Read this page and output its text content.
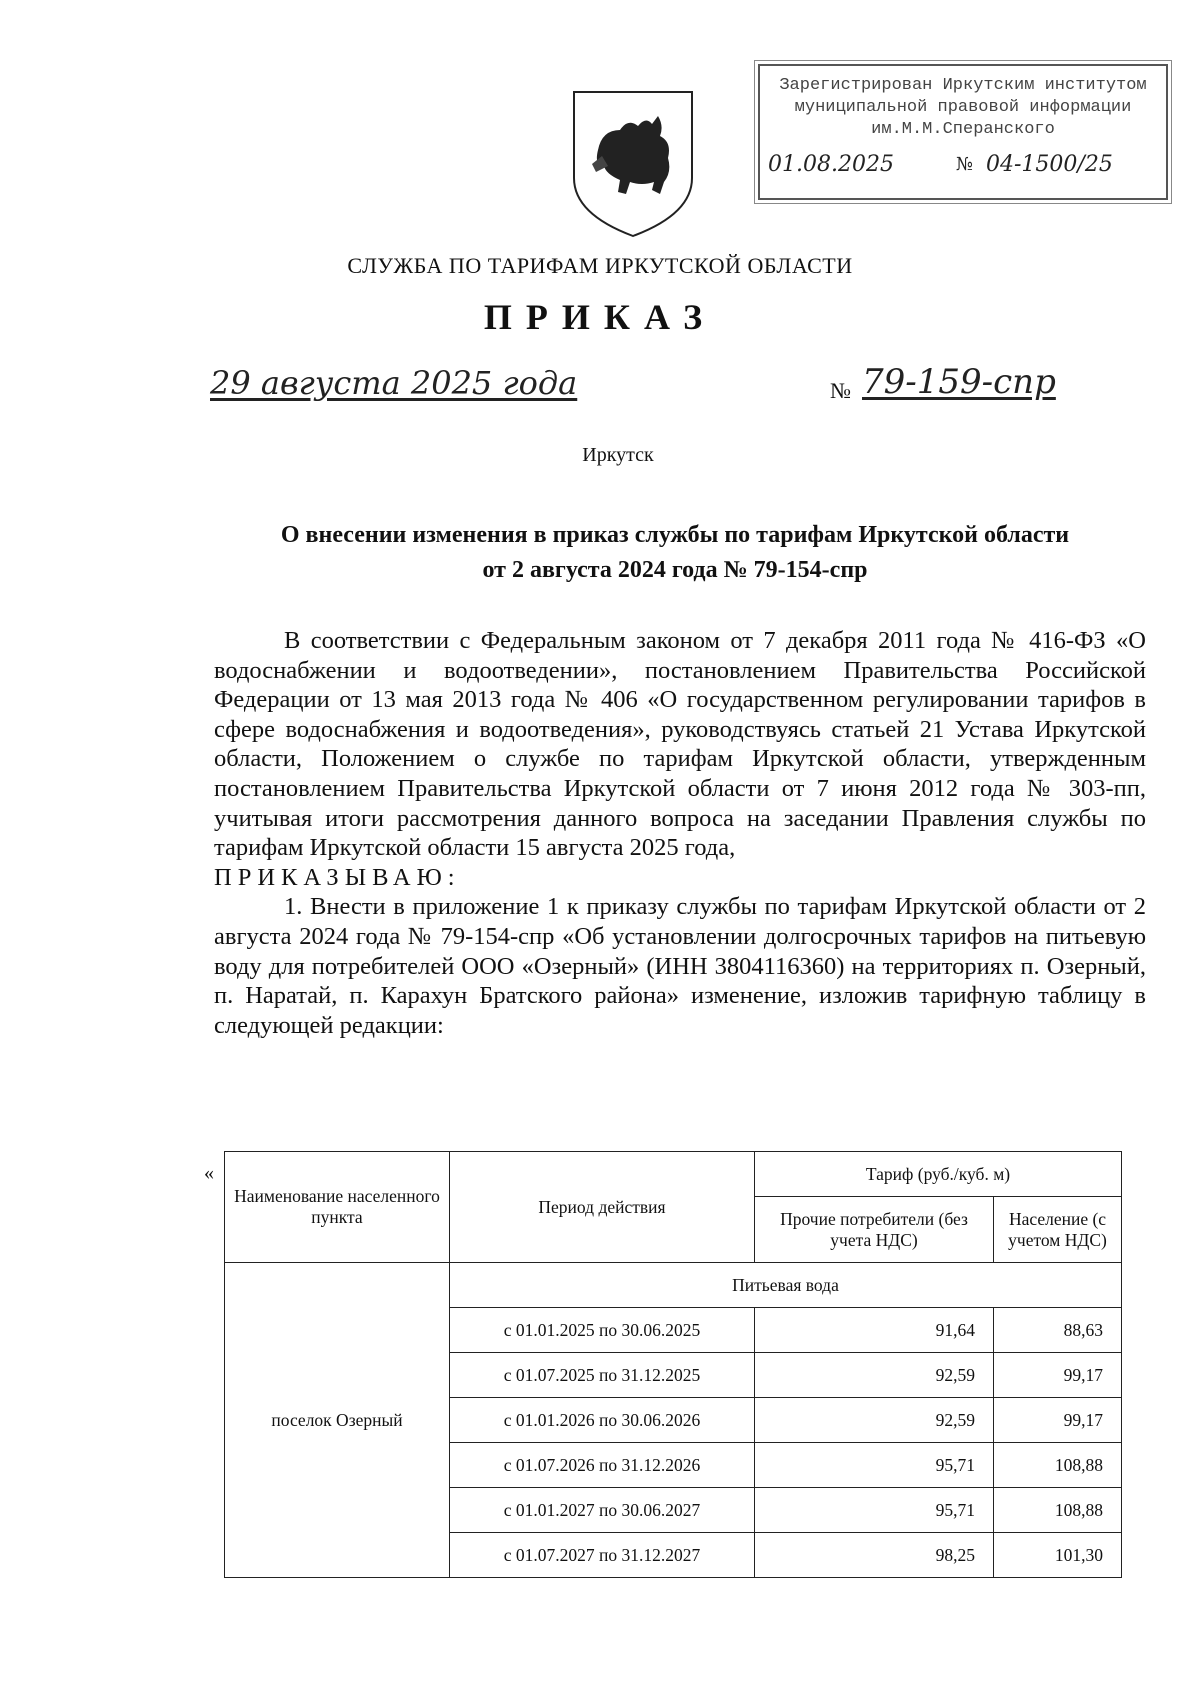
Зарегистрирован Иркутским институтом
муниципальной правовой информации
им.М.М.Сперанского
01.08.2025	№ 04-1500/25
СЛУЖБА ПО ТАРИФАМ ИРКУТСКОЙ ОБЛАСТИ
ПРИКАЗ
29 августа 2025 года	№ 79-159-спр
Иркутск
О внесении изменения в приказ службы по тарифам Иркутской области
от 2 августа 2024 года № 79-154-спр

В соответствии с Федеральным законом от 7 декабря 2011 года № 416-ФЗ «О водоснабжении и водоотведении», постановлением Правительства Российской Федерации от 13 мая 2013 года № 406 «О государственном регулировании тарифов в сфере водоснабжения и водоотведения», руководствуясь статьей 21 Устава Иркутской области, Положением о службе по тарифам Иркутской области, утвержденным постановлением Правительства Иркутской области от 7 июня 2012 года № 303-пп, учитывая итоги рассмотрения данного вопроса на заседании Правления службы по тарифам Иркутской области 15 августа 2025 года,

ПРИКАЗЫВАЮ:

1. Внести в приложение 1 к приказу службы по тарифам Иркутской области от 2 августа 2024 года № 79-154-спр «Об установлении долгосрочных тарифов на питьевую воду для потребителей ООО «Озерный» (ИНН 3804116360) на территориях п. Озерный, п. Наратай, п. Карахун Братского района» изменение, изложив тарифную таблицу в следующей редакции:

«
Наименование населенного пункта	Период действия	Тариф (руб./куб. м)	
		Прочие потребители (без учета НДС)	Население (с учетом НДС)
поселок Озерный	Питьевая вода		
	с 01.01.2025 по 30.06.2025	91,64	88,63
	с 01.07.2025 по 31.12.2025	92,59	99,17
	с 01.01.2026 по 30.06.2026	92,59	99,17
	с 01.07.2026 по 31.12.2026	95,71	108,88
	с 01.01.2027 по 30.06.2027	95,71	108,88
	с 01.07.2027 по 31.12.2027	98,25	101,30
